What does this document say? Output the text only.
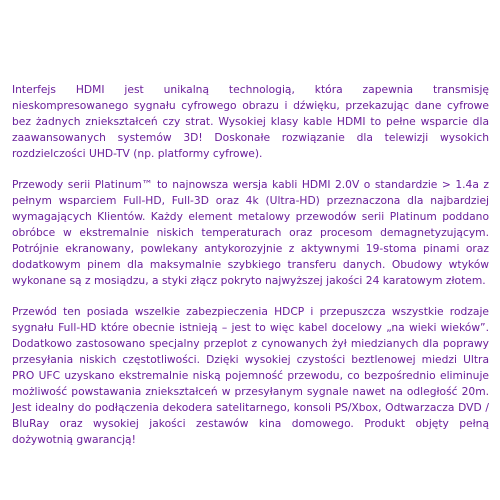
Interfejs HDMI jest unikalną technologią, która zapewnia transmisję nieskompresowanego sygnału cyfrowego obrazu i dźwięku, przekazując dane cyfrowe bez żadnych zniekształceń czy strat. Wysokiej klasy kable HDMI to pełne wsparcie dla zaawansowanych systemów 3D! Doskonałe rozwiązanie dla telewizji wysokich rozdzielczości UHD-TV (np. platformy cyfrowe).

Przewody serii Platinum™ to najnowsza wersja kabli HDMI 2.0V o standardzie > 1.4a z pełnym wsparciem Full-HD, Full-3D oraz 4k (Ultra-HD) przeznaczona dla najbardziej wymagających Klientów. Każdy element metalowy przewodów serii Platinum poddano obróbce w ekstremalnie niskich temperaturach oraz procesom demagnetyzującym. Potrójnie ekranowany, powlekany antykorozyjnie z aktywnymi 19-stoma pinami oraz dodatkowym pinem dla maksymalnie szybkiego transferu danych. Obudowy wtyków wykonane są z mosiądzu, a styki złącz pokryto najwyższej jakości 24 karatowym złotem.

Przewód ten posiada wszelkie zabezpieczenia HDCP i przepuszcza wszystkie rodzaje sygnału Full-HD które obecnie istnieją – jest to więc kabel docelowy „na wieki wieków”. Dodatkowo zastosowano specjalny przeplot z cynowanych żył miedzianych dla poprawy przesyłania niskich częstotliwości. Dzięki wysokiej czystości beztlenowej miedzi Ultra PRO UFC uzyskano ekstremalnie niską pojemność przewodu, co bezpośrednio eliminuje możliwość powstawania zniekształceń w przesyłanym sygnale nawet na odległość 20m. Jest idealny do podłączenia dekodera satelitarnego, konsoli PS/Xbox, Odtwarzacza DVD / BluRay oraz wysokiej jakości zestawów kina domowego. Produkt objęty pełną dożywotnią gwarancją!
